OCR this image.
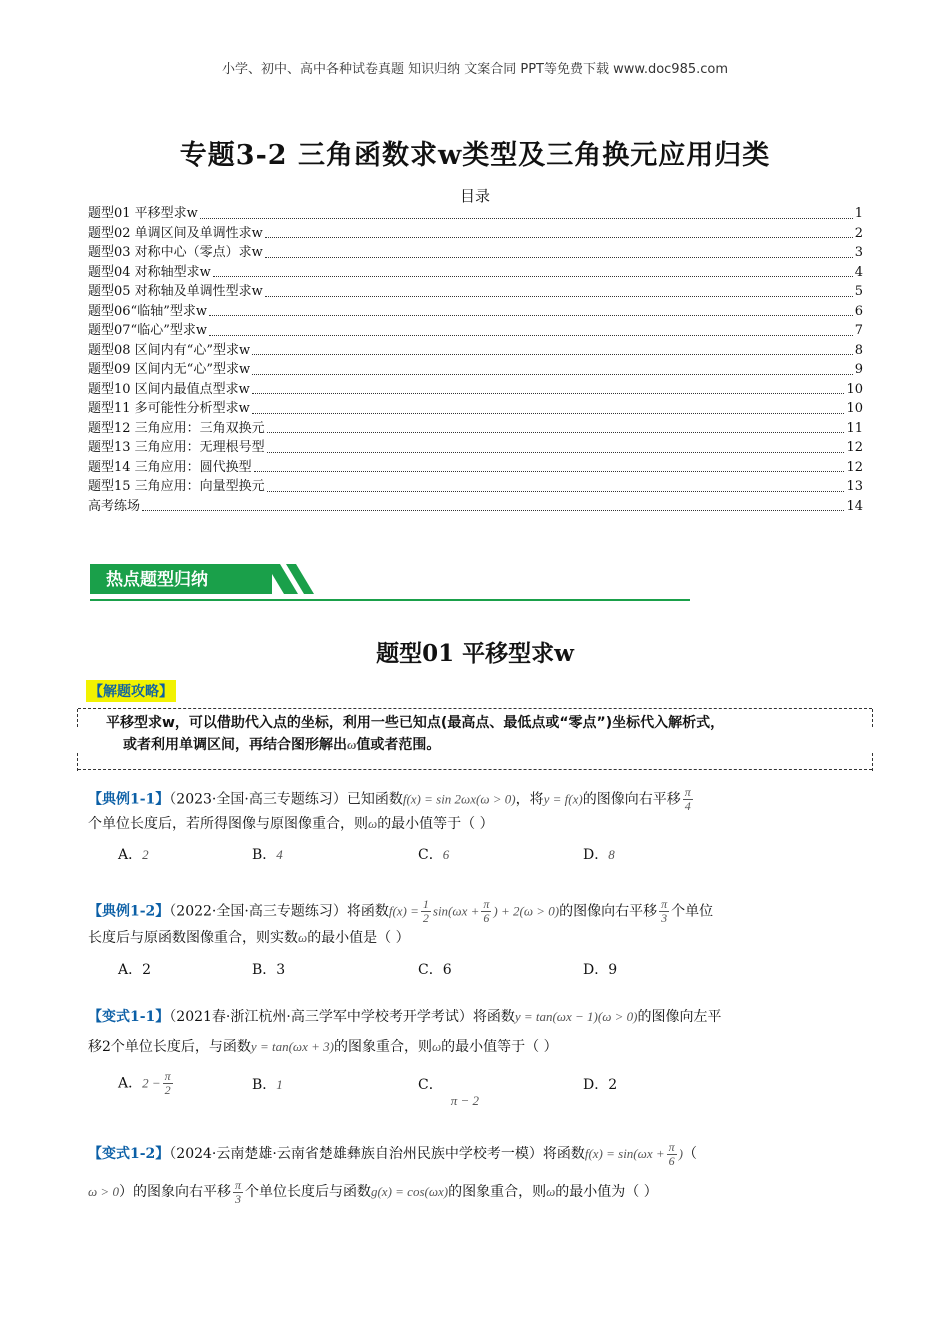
小学、初中、高中各种试卷真题 知识归纳 文案合同 PPT等免费下载 www.doc985.com
专题3-2 三角函数求w类型及三角换元应用归类
目录
题型01 平移型求w	1
题型02 单调区间及单调性求w	2
题型03 对称中心（零点）求w	3
题型04 对称轴型求w	4
题型05 对称轴及单调性型求w	5
题型06“临轴”型求w	6
题型07“临心”型求w	7
题型08 区间内有“心”型求w	8
题型09 区间内无“心”型求w	9
题型10 区间内最值点型求w	10
题型11 多可能性分析型求w	10
题型12 三角应用：三角双换元	11
题型13 三角应用：无理根号型	12
题型14 三角应用：圆代换型	12
题型15 三角应用：向量型换元	13
高考练场	14
热点题型归纳
题型01 平移型求w
【解题攻略】
平移型求w，可以借助代入点的坐标，利用一些已知点(最高点、最低点或“零点”)坐标代入解析式，
或者利用单调区间，再结合图形解出ω值或者范围。
【典例1-1】（2023·全国·高三专题练习）已知函数f(x) = sin 2ωx(ω > 0)，将y = f(x)的图像向右平移 $\frac{\pi}{4}$

个单位长度后，若所得图像与原图像重合，则ω的最小值等于（ ）
A．2	B．4	C．6	D．8
【典例1-2】（2022·全国·高三专题练习）将函数$f(x) = \frac{1}{2} \sin(\omega x + \frac{\pi}{6}$ ) + 2(ω > 0)的图像向右平移 $\frac{\pi}{3}$ 个单位
长度后与原函数图像重合，则实数ω的最小值是（ ）
A．2	B．3	C．6	D．9
【变式1-1】（2021春·浙江杭州·高三学军中学校考开学考试）将函数y = tan(ωx − 1)(ω > 0)的图像向左平
移2个单位长度后，与函数y = tan(ωx + 3)的图象重合，则ω的最小值等于（ ）
A．$2 - \frac{\pi}{2}$	B．1	C．π − 2
D．2
【变式1-2】（2024·云南楚雄·云南省楚雄彝族自治州民族中学校考一模）将函数$f(x) = \sin(\omega x + \frac{\pi}{6}$ )（
ω > 0）的图象向右平移 $\frac{\pi}{3}$ 个单位长度后与函数g(x) = cos(ωx)的图象重合，则ω的最小值为（ ）
